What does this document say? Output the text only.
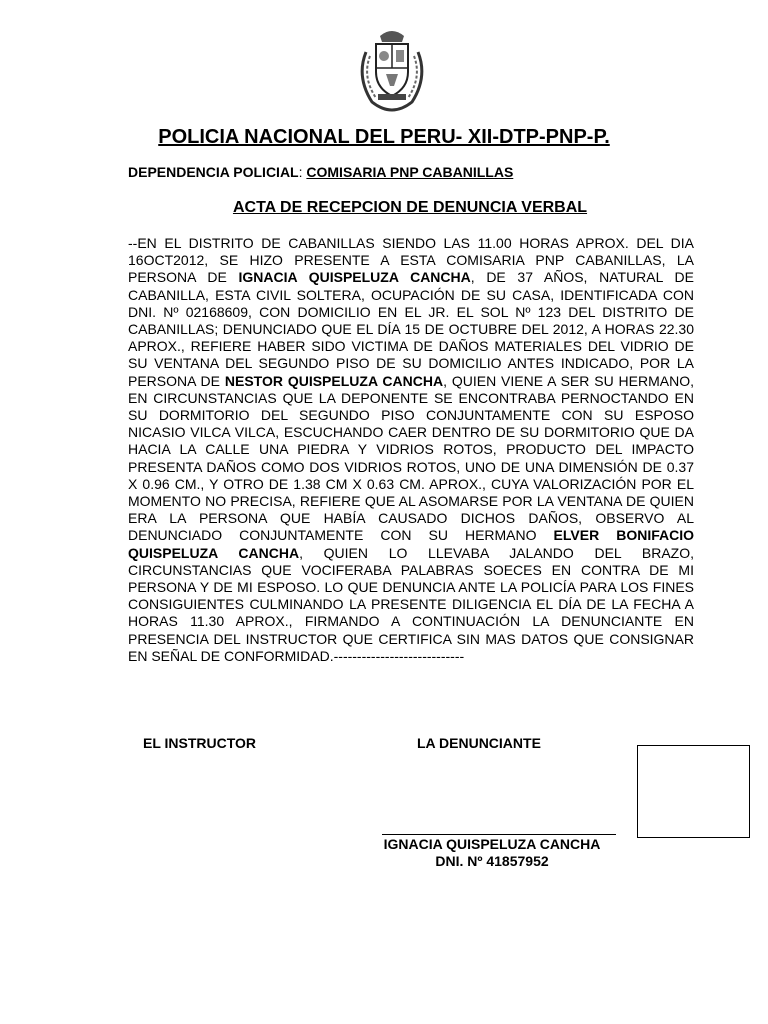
POLICIA NACIONAL DEL PERU- XII-DTP-PNP-P.
DEPENDENCIA POLICIAL: COMISARIA PNP CABANILLAS
ACTA DE RECEPCION DE DENUNCIA VERBAL
--EN EL DISTRITO DE CABANILLAS SIENDO LAS 11.00 HORAS APROX. DEL DIA 16OCT2012, SE HIZO PRESENTE A ESTA COMISARIA PNP CABANILLAS, LA PERSONA DE IGNACIA QUISPELUZA CANCHA, DE 37 AÑOS, NATURAL DE CABANILLA, ESTA CIVIL SOLTERA, OCUPACIÓN DE SU CASA, IDENTIFICADA CON DNI. Nº 02168609, CON DOMICILIO EN EL JR. EL SOL Nº 123 DEL DISTRITO DE CABANILLAS; DENUNCIADO QUE EL DÍA 15 DE OCTUBRE DEL 2012, A HORAS 22.30 APROX., REFIERE HABER SIDO VICTIMA DE DAÑOS MATERIALES DEL VIDRIO DE SU VENTANA DEL SEGUNDO PISO DE SU DOMICILIO ANTES INDICADO, POR LA PERSONA DE NESTOR QUISPELUZA CANCHA, QUIEN VIENE A SER SU HERMANO, EN CIRCUNSTANCIAS QUE LA DEPONENTE SE ENCONTRABA PERNOCTANDO EN SU DORMITORIO DEL SEGUNDO PISO CONJUNTAMENTE CON SU ESPOSO NICASIO VILCA VILCA, ESCUCHANDO CAER DENTRO DE SU DORMITORIO QUE DA HACIA LA CALLE UNA PIEDRA Y VIDRIOS ROTOS, PRODUCTO DEL IMPACTO PRESENTA DAÑOS COMO DOS VIDRIOS ROTOS, UNO DE UNA DIMENSIÓN DE 0.37 X 0.96 CM., Y OTRO DE 1.38 CM X 0.63 CM. APROX., CUYA VALORIZACIÓN POR EL MOMENTO NO PRECISA, REFIERE QUE AL ASOMARSE POR LA VENTANA DE QUIEN ERA LA PERSONA QUE HABÍA CAUSADO DICHOS DAÑOS, OBSERVO AL DENUNCIADO CONJUNTAMENTE CON SU HERMANO ELVER BONIFACIO QUISPELUZA CANCHA, QUIEN LO LLEVABA JALANDO DEL BRAZO, CIRCUNSTANCIAS QUE VOCIFERABA PALABRAS SOECES EN CONTRA DE MI PERSONA Y DE MI ESPOSO. LO QUE DENUNCIA ANTE LA POLICÍA PARA LOS FINES CONSIGUIENTES CULMINANDO LA PRESENTE DILIGENCIA EL DÍA DE LA FECHA A HORAS 11.30 APROX., FIRMANDO A CONTINUACIÓN LA DENUNCIANTE EN PRESENCIA DEL INSTRUCTOR QUE CERTIFICA SIN MAS DATOS QUE CONSIGNAR EN SEÑAL DE CONFORMIDAD.----------------------------
EL INSTRUCTOR	LA DENUNCIANTE
IGNACIA QUISPELUZA CANCHA
DNI. Nº 41857952
